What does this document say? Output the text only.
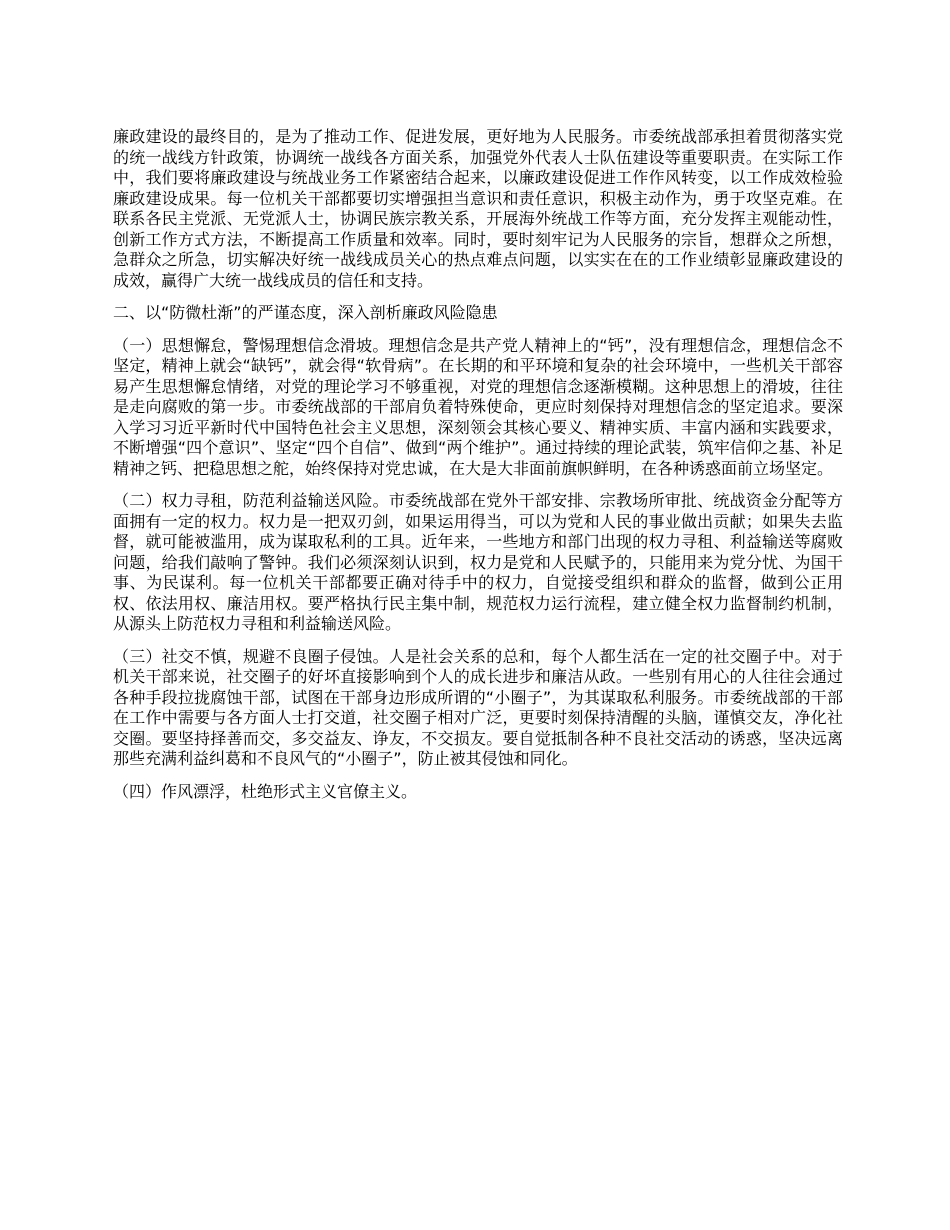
廉政建设的最终目的，是为了推动工作、促进发展，更好地为人民服务。市委统战部承担着贯彻落实党的统一战线方针政策，协调统一战线各方面关系，加强党外代表人士队伍建设等重要职责。在实际工作中，我们要将廉政建设与统战业务工作紧密结合起来，以廉政建设促进工作作风转变，以工作成效检验廉政建设成果。每一位机关干部都要切实增强担当意识和责任意识，积极主动作为，勇于攻坚克难。在联系各民主党派、无党派人士，协调民族宗教关系，开展海外统战工作等方面，充分发挥主观能动性，创新工作方式方法，不断提高工作质量和效率。同时，要时刻牢记为人民服务的宗旨，想群众之所想，急群众之所急，切实解决好统一战线成员关心的热点难点问题，以实实在在的工作业绩彰显廉政建设的成效，赢得广大统一战线成员的信任和支持。

二、以“防微杜渐”的严谨态度，深入剖析廉政风险隐患

（一）思想懈怠，警惕理想信念滑坡。理想信念是共产党人精神上的“钙”，没有理想信念，理想信念不坚定，精神上就会“缺钙”，就会得“软骨病”。在长期的和平环境和复杂的社会环境中，一些机关干部容易产生思想懈怠情绪，对党的理论学习不够重视，对党的理想信念逐渐模糊。这种思想上的滑坡，往往是走向腐败的第一步。市委统战部的干部肩负着特殊使命，更应时刻保持对理想信念的坚定追求。要深入学习习近平新时代中国特色社会主义思想，深刻领会其核心要义、精神实质、丰富内涵和实践要求，不断增强“四个意识”、坚定“四个自信”、做到“两个维护”。通过持续的理论武装，筑牢信仰之基、补足精神之钙、把稳思想之舵，始终保持对党忠诚，在大是大非面前旗帜鲜明，在各种诱惑面前立场坚定。

（二）权力寻租，防范利益输送风险。市委统战部在党外干部安排、宗教场所审批、统战资金分配等方面拥有一定的权力。权力是一把双刃剑，如果运用得当，可以为党和人民的事业做出贡献；如果失去监督，就可能被滥用，成为谋取私利的工具。近年来，一些地方和部门出现的权力寻租、利益输送等腐败问题，给我们敲响了警钟。我们必须深刻认识到，权力是党和人民赋予的，只能用来为党分忧、为国干事、为民谋利。每一位机关干部都要正确对待手中的权力，自觉接受组织和群众的监督，做到公正用权、依法用权、廉洁用权。要严格执行民主集中制，规范权力运行流程，建立健全权力监督制约机制，从源头上防范权力寻租和利益输送风险。

（三）社交不慎，规避不良圈子侵蚀。人是社会关系的总和，每个人都生活在一定的社交圈子中。对于机关干部来说，社交圈子的好坏直接影响到个人的成长进步和廉洁从政。一些别有用心的人往往会通过各种手段拉拢腐蚀干部，试图在干部身边形成所谓的“小圈子”，为其谋取私利服务。市委统战部的干部在工作中需要与各方面人士打交道，社交圈子相对广泛，更要时刻保持清醒的头脑，谨慎交友，净化社交圈。要坚持择善而交，多交益友、诤友，不交损友。要自觉抵制各种不良社交活动的诱惑，坚决远离那些充满利益纠葛和不良风气的“小圈子”，防止被其侵蚀和同化。

（四）作风漂浮，杜绝形式主义官僚主义。
